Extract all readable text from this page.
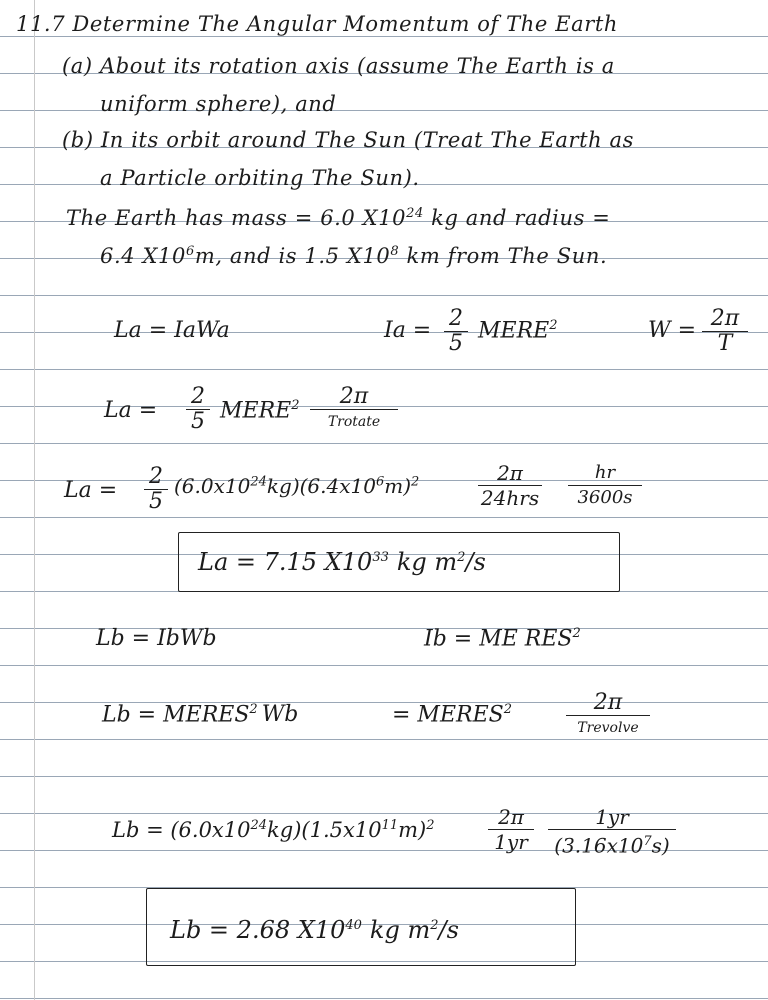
11.7 Determine The Angular Momentum of The Earth
(a) About its rotation axis (assume The Earth is a
uniform sphere), and
(b) In its orbit around The Sun (Treat The Earth as
a Particle orbiting The Sun).
The Earth has mass = 6.0 $X10^{24}$ kg and radius =
6.4 $X10^6m$, and is 1.5 $X10^8$ km from The Sun.
La = IaWa	Ia = 2
5
MERE$^2$	W = 2π
T
La =
2
5 MERE$^2$	2π
Trotate
La =
2
5
$(6.0x10^{24}kg)(6.4x10^6m)^2$	2π
24hrs
hr
3600s
La = 7.15 $X10^{33}$ kg $m^2/s$
Lb = IbWb	Ib = ME RES$^2$
$Lb = MERES^2$ Wb	= $MERES^2$	2π
Trevolve
$Lb = (6.0x10^{24}kg)(1.5x10^{11}m)^2$	2π
1yr
1yr
$(3.16x10^7s)$
Lb = 2.68 $X10^{40}$ kg $m^2/s$
